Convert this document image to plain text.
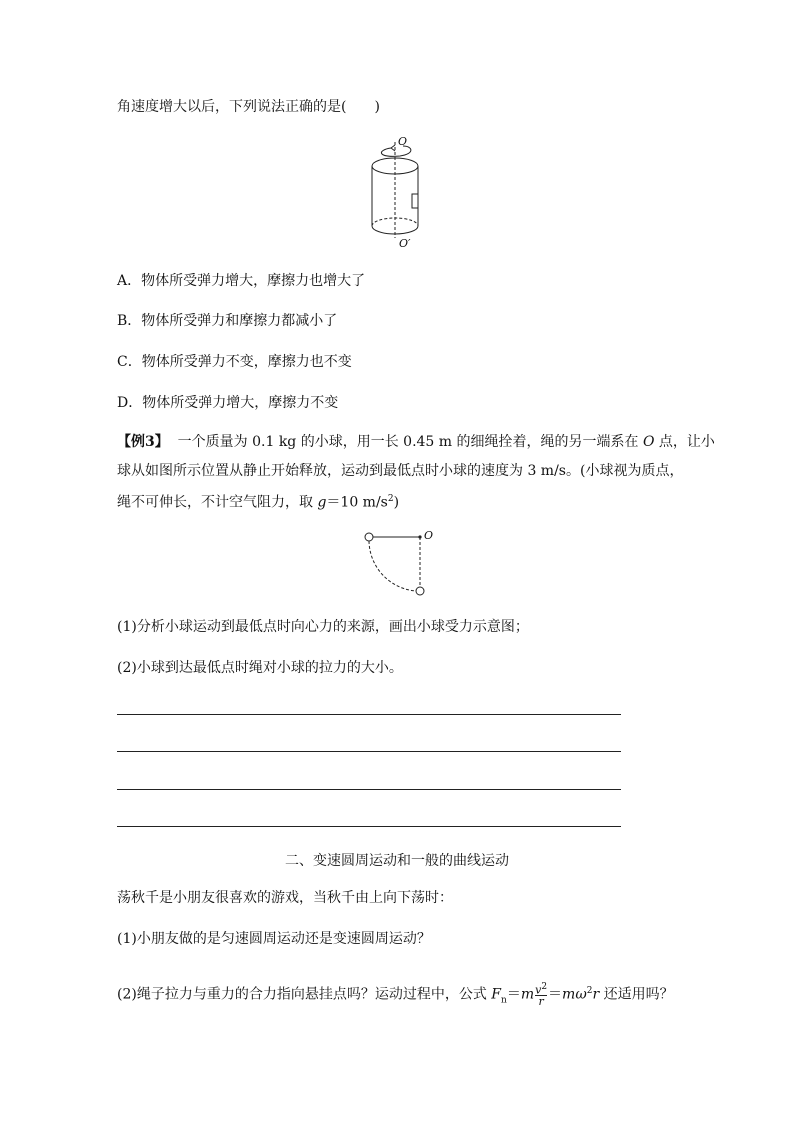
角速度增大以后，下列说法正确的是(　　)
O
O′
A．物体所受弹力增大，摩擦力也增大了
B．物体所受弹力和摩擦力都减小了
C．物体所受弹力不变，摩擦力也不变
D．物体所受弹力增大，摩擦力不变
【例3】 一个质量为 0.1 kg 的小球，用一长 0.45 m 的细绳拴着，绳的另一端系在 O 点，让小
球从如图所示位置从静止开始释放，运动到最低点时小球的速度为 3 m/s。(小球视为质点，
绳不可伸长，不计空气阻力，取 g＝10 $m/s^2$)
O
(1)分析小球运动到最低点时向心力的来源，画出小球受力示意图；
(2)小球到达最低点时绳对小球的拉力的大小。
二、变速圆周运动和一般的曲线运动
荡秋千是小朋友很喜欢的游戏，当秋千由上向下荡时：
(1)小朋友做的是匀速圆周运动还是变速圆周运动？
(2)绳子拉力与重力的合力指向悬挂点吗？运动过程中，公式 $F_n=m \frac{v^2}{r} =m\omega^2r$ 还适用吗？
